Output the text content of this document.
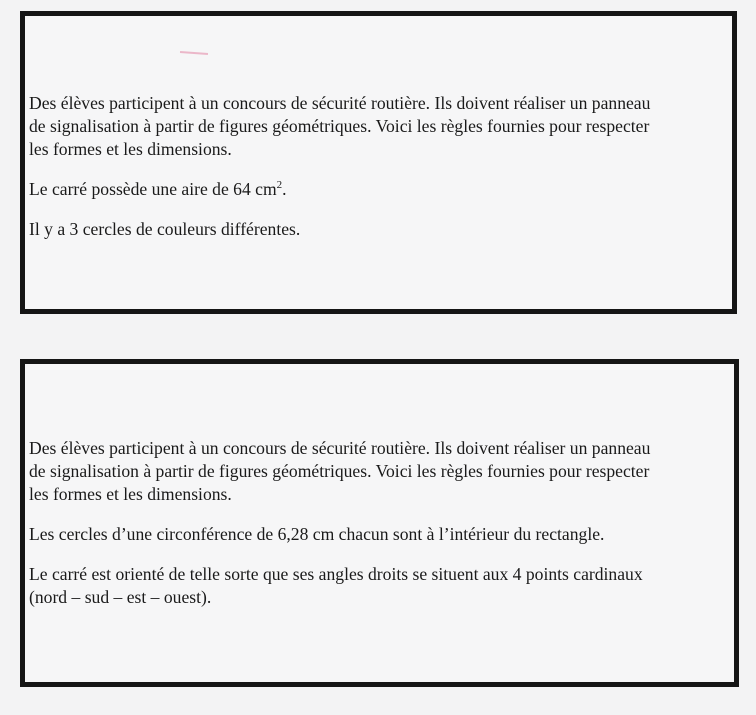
Des élèves participent à un concours de sécurité routière. Ils doivent réaliser un panneau
de signalisation à partir de figures géométriques. Voici les règles fournies pour respecter
les formes et les dimensions.

Le carré possède une aire de 64 $cm^2$.

Il y a 3 cercles de couleurs différentes.

Des élèves participent à un concours de sécurité routière. Ils doivent réaliser un panneau
de signalisation à partir de figures géométriques. Voici les règles fournies pour respecter
les formes et les dimensions.

Les cercles d’une circonférence de 6,28 cm chacun sont à l’intérieur du rectangle.

Le carré est orienté de telle sorte que ses angles droits se situent aux 4 points cardinaux
(nord – sud – est – ouest).
